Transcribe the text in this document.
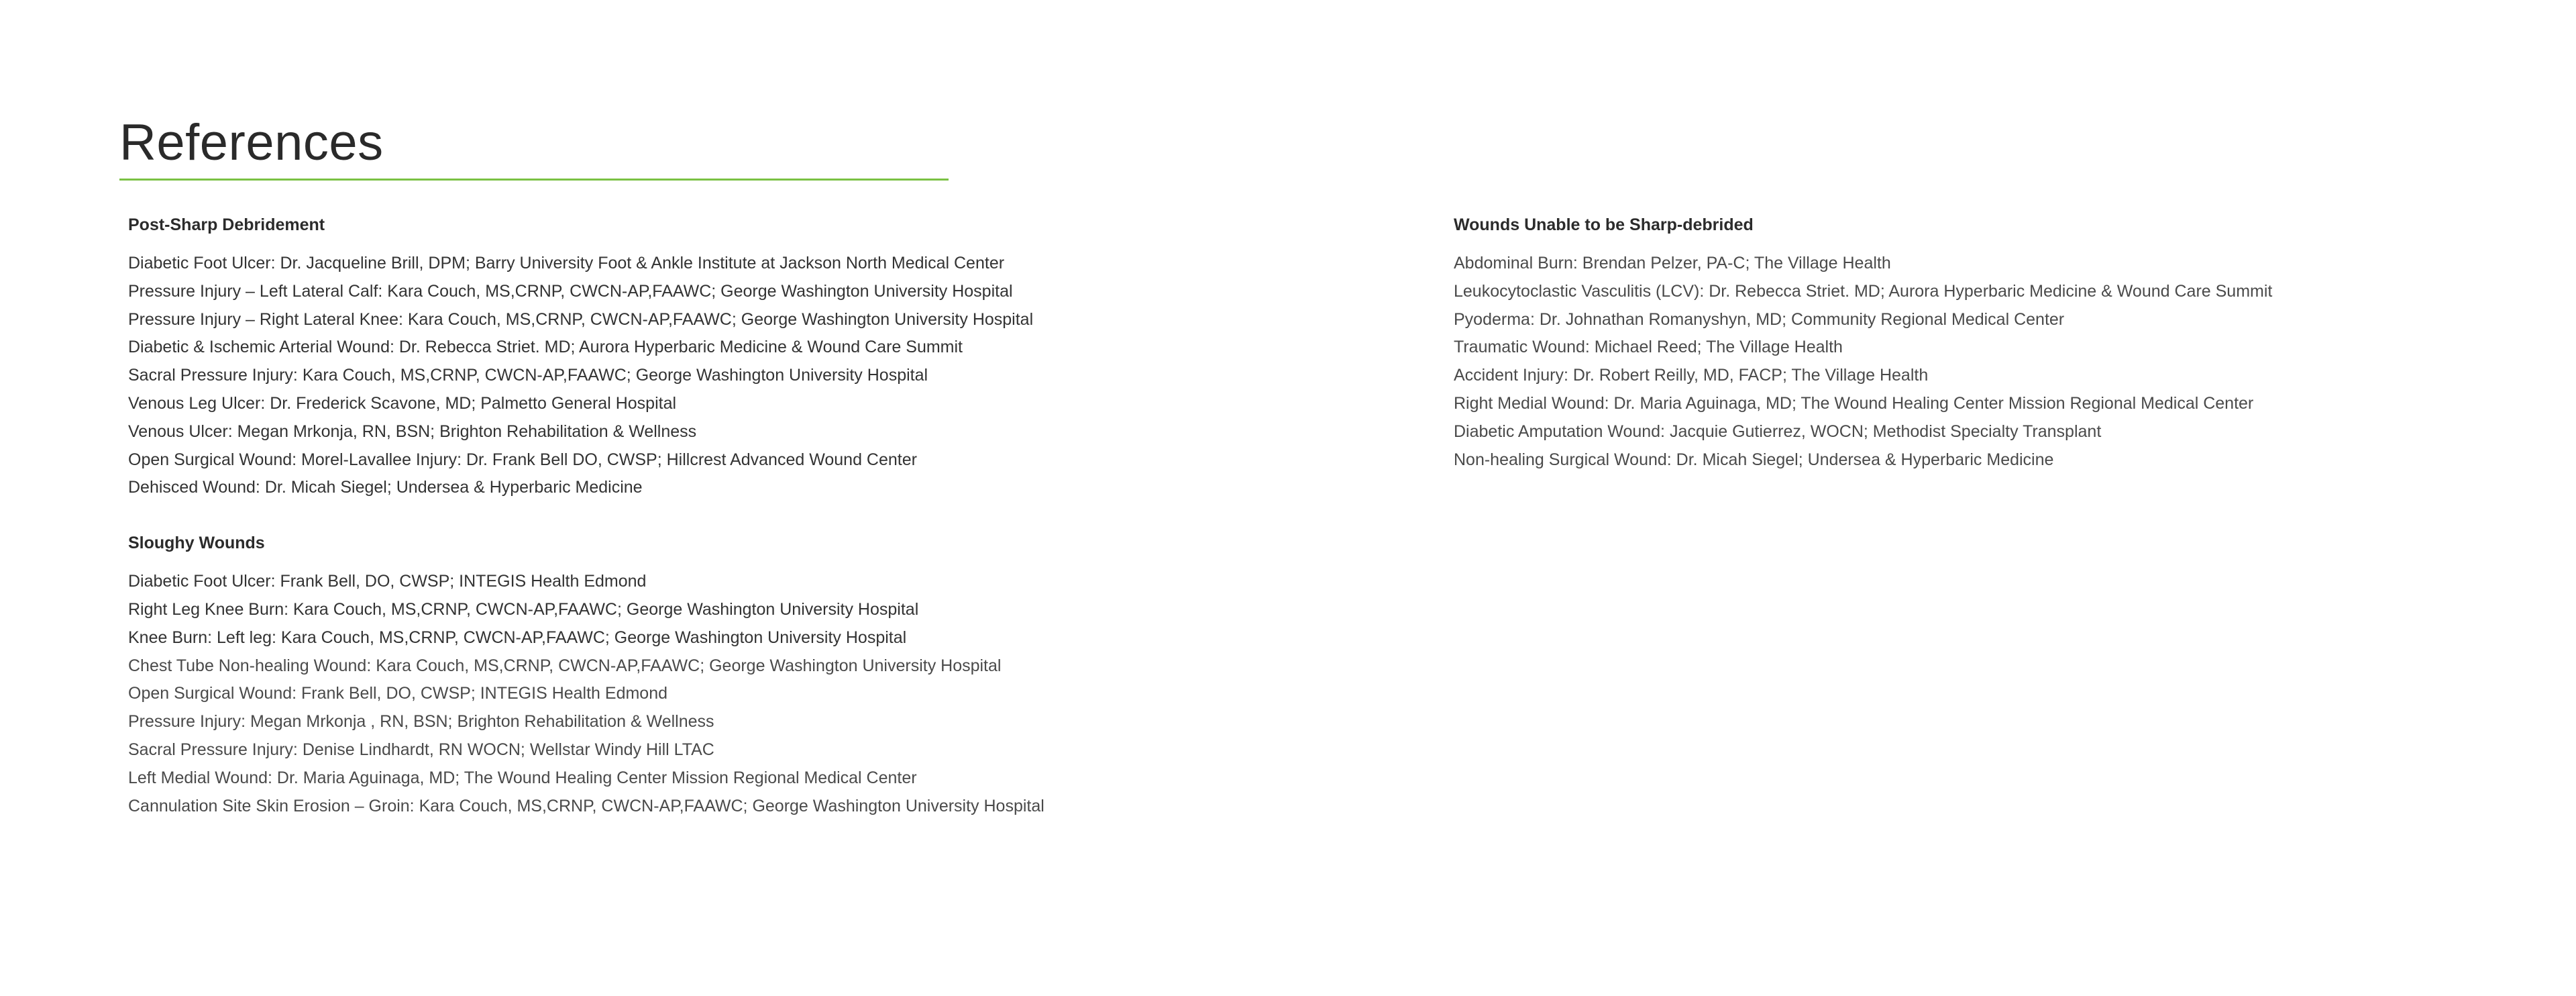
References
Post-Sharp Debridement
Diabetic Foot Ulcer: Dr. Jacqueline Brill, DPM; Barry University Foot & Ankle Institute at Jackson North Medical Center
Pressure Injury – Left Lateral Calf: Kara Couch, MS,CRNP, CWCN-AP,FAAWC; George Washington University Hospital
Pressure Injury – Right Lateral Knee: Kara Couch, MS,CRNP, CWCN-AP,FAAWC; George Washington University Hospital
Diabetic & Ischemic Arterial Wound: Dr. Rebecca Striet. MD; Aurora Hyperbaric Medicine & Wound Care Summit
Sacral Pressure Injury: Kara Couch, MS,CRNP, CWCN-AP,FAAWC; George Washington University Hospital
Venous Leg Ulcer: Dr. Frederick Scavone, MD; Palmetto General Hospital
Venous Ulcer: Megan Mrkonja, RN, BSN; Brighton Rehabilitation & Wellness
Open Surgical Wound: Morel-Lavallee Injury: Dr. Frank Bell DO, CWSP; Hillcrest Advanced Wound Center
Dehisced Wound: Dr. Micah Siegel; Undersea & Hyperbaric Medicine
Sloughy Wounds
Diabetic Foot Ulcer: Frank Bell, DO, CWSP; INTEGIS Health Edmond
Right Leg Knee Burn: Kara Couch, MS,CRNP, CWCN-AP,FAAWC; George Washington University Hospital
Knee Burn: Left leg: Kara Couch, MS,CRNP, CWCN-AP,FAAWC; George Washington University Hospital
Chest Tube Non-healing Wound: Kara Couch, MS,CRNP, CWCN-AP,FAAWC; George Washington University Hospital
Open Surgical Wound: Frank Bell, DO, CWSP; INTEGIS Health Edmond
Pressure Injury: Megan Mrkonja , RN, BSN; Brighton Rehabilitation & Wellness
Sacral Pressure Injury: Denise Lindhardt, RN WOCN; Wellstar Windy Hill LTAC
Left Medial Wound: Dr. Maria Aguinaga, MD; The Wound Healing Center Mission Regional Medical Center
Cannulation Site Skin Erosion – Groin: Kara Couch, MS,CRNP, CWCN-AP,FAAWC; George Washington University Hospital
Wounds Unable to be Sharp-debrided
Abdominal Burn: Brendan Pelzer, PA-C; The Village Health
Leukocytoclastic Vasculitis (LCV): Dr. Rebecca Striet. MD; Aurora Hyperbaric Medicine & Wound Care Summit
Pyoderma: Dr. Johnathan Romanyshyn, MD; Community Regional Medical Center
Traumatic Wound: Michael Reed; The Village Health
Accident Injury: Dr. Robert Reilly, MD, FACP; The Village Health
Right Medial Wound: Dr. Maria Aguinaga, MD; The Wound Healing Center Mission Regional Medical Center
Diabetic Amputation Wound: Jacquie Gutierrez, WOCN; Methodist Specialty Transplant
Non-healing Surgical Wound: Dr. Micah Siegel; Undersea & Hyperbaric Medicine
